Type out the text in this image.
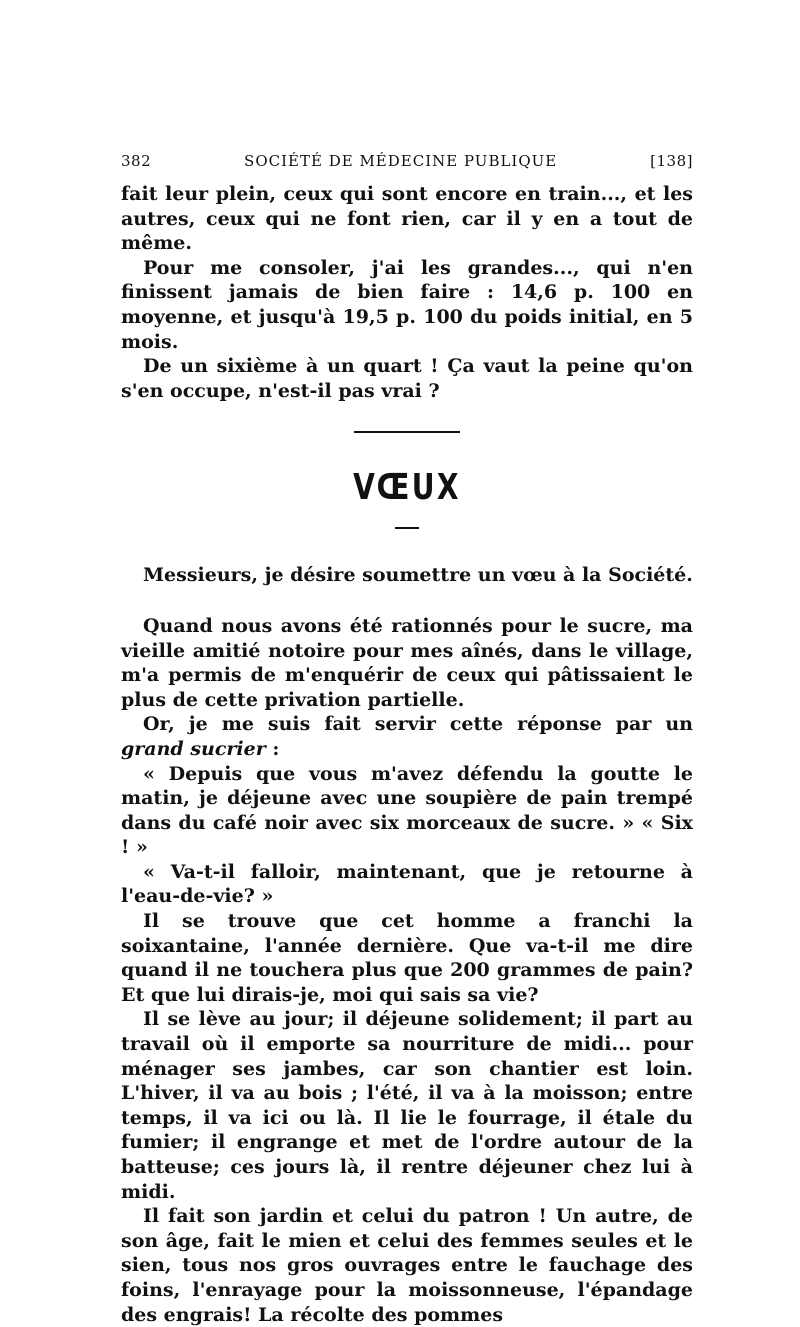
382	SOCIÉTÉ DE MÉDECINE PUBLIQUE	[138]

fait leur plein, ceux qui sont encore en train..., et les autres, ceux qui ne font rien, car il y en a tout de même.

Pour me consoler, j'ai les grandes..., qui n'en finissent jamais de bien faire : 14,6 p. 100 en moyenne, et jusqu'à 19,5 p. 100 du poids initial, en 5 mois.

De un sixième à un quart ! Ça vaut la peine qu'on s'en occupe, n'est-il pas vrai ?

VŒUX

Messieurs, je désire soumettre un vœu à la Société.

Quand nous avons été rationnés pour le sucre, ma vieille amitié notoire pour mes aînés, dans le village, m'a permis de m'enquérir de ceux qui pâtissaient le plus de cette privation partielle.

Or, je me suis fait servir cette réponse par un grand sucrier :

« Depuis que vous m'avez défendu la goutte le matin, je déjeune avec une soupière de pain trempé dans du café noir avec six morceaux de sucre. » « Six ! »

« Va-t-il falloir, maintenant, que je retourne à l'eau-de-vie? »

Il se trouve que cet homme a franchi la soixantaine, l'année dernière. Que va-t-il me dire quand il ne touchera plus que 200 grammes de pain? Et que lui dirais-je, moi qui sais sa vie?

Il se lève au jour; il déjeune solidement; il part au travail où il emporte sa nourriture de midi... pour ménager ses jambes, car son chantier est loin. L'hiver, il va au bois ; l'été, il va à la moisson; entre temps, il va ici ou là. Il lie le fourrage, il étale du fumier; il engrange et met de l'ordre autour de la batteuse; ces jours là, il rentre déjeuner chez lui à midi.

Il fait son jardin et celui du patron ! Un autre, de son âge, fait le mien et celui des femmes seules et le sien, tous nos gros ouvrages entre le fauchage des foins, l'enrayage pour la moissonneuse, l'épandage des engrais! La récolte des pommes
